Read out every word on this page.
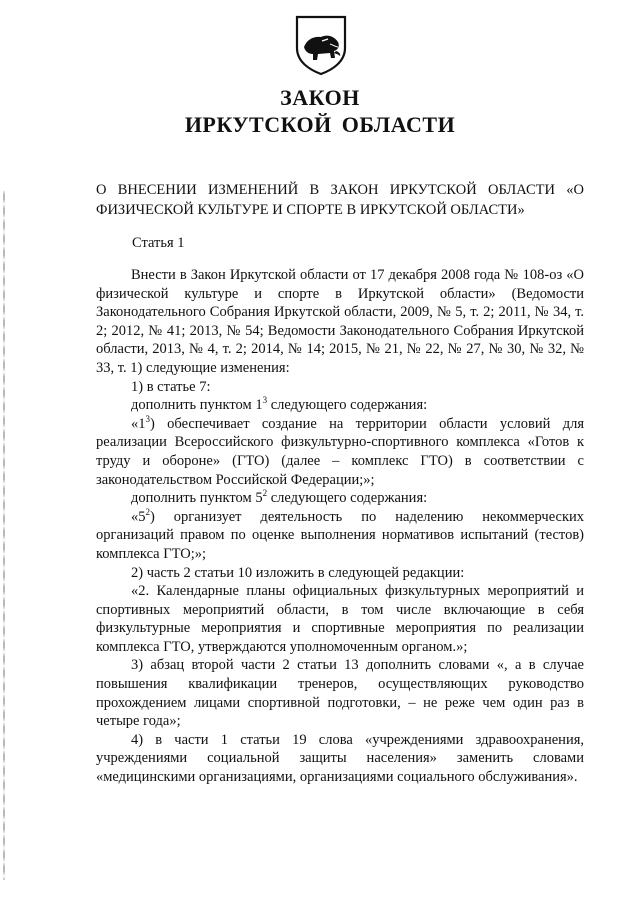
ЗАКОН
ИРКУТСКОЙ ОБЛАСТИ
О ВНЕСЕНИИ ИЗМЕНЕНИЙ В ЗАКОН ИРКУТСКОЙ ОБЛАСТИ «О ФИЗИЧЕСКОЙ КУЛЬТУРЕ И СПОРТЕ В ИРКУТСКОЙ ОБЛАСТИ»
Статья 1

Внести в Закон Иркутской области от 17 декабря 2008 года № 108-оз «О физической культуре и спорте в Иркутской области» (Ведомости Законодательного Собрания Иркутской области, 2009, № 5, т. 2; 2011, № 34, т. 2; 2012, № 41; 2013, № 54; Ведомости Законодательного Собрания Иркутской области, 2013, № 4, т. 2; 2014, № 14; 2015, № 21, № 22, № 27, № 30, № 32, № 33, т. 1) следующие изменения:

1) в статье 7:

дополнить пунктом $1^3$ следующего содержания:

«$1^3$) обеспечивает создание на территории области условий для реализации Всероссийского физкультурно-спортивного комплекса «Готов к труду и обороне» (ГТО) (далее – комплекс ГТО) в соответствии с законодательством Российской Федерации;»;

дополнить пунктом $5^2$ следующего содержания:

«$5^2$) организует деятельность по наделению некоммерческих организаций правом по оценке выполнения нормативов испытаний (тестов) комплекса ГТО;»;

2) часть 2 статьи 10 изложить в следующей редакции:

«2. Календарные планы официальных физкультурных мероприятий и спортивных мероприятий области, в том числе включающие в себя физкультурные мероприятия и спортивные мероприятия по реализации комплекса ГТО, утверждаются уполномоченным органом.»;

3) абзац второй части 2 статьи 13 дополнить словами «, а в случае повышения квалификации тренеров, осуществляющих руководство прохождением лицами спортивной подготовки, – не реже чем один раз в четыре года»;

4) в части 1 статьи 19 слова «учреждениями здравоохранения, учреждениями социальной защиты населения» заменить словами «медицинскими организациями, организациями социального обслуживания».
